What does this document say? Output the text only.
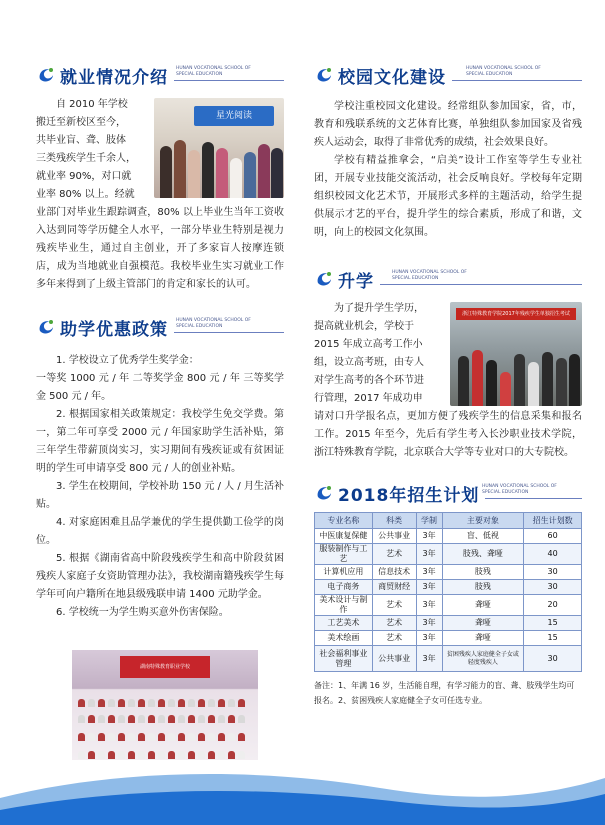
就业情况介绍 HUNAN VOCATIONAL SCHOOL OF
SPECIAL EDUCATION
星光阅读

自 2010 年学校

搬迁至新校区至今，

共毕业盲、聋、肢体

三类残疾学生千余人，

就业率 90%，对口就

业率 80% 以上。经就

业部门对毕业生跟踪调查，80% 以上毕业生当年工资收入达到同等学历健全人水平，一部分毕业生特别是视力残疾毕业生，通过自主创业，开了多家盲人按摩连锁店，成为当地就业自强模范。我校毕业生实习就业工作多年来得到了上级主管部门的肯定和家长的认可。

助学优惠政策 HUNAN VOCATIONAL SCHOOL OF
SPECIAL EDUCATION

1. 学校设立了优秀学生奖学金：

一等奖 1000 元 / 年 二等奖学金 800 元 / 年 三等奖学金 500 元 / 年。

2. 根据国家相关政策规定：我校学生免交学费。第一，第二年可享受 2000 元 / 年国家助学生活补贴，第三年学生带薪顶岗实习，实习期间有残疾证或有贫困证明的学生可申请享受 800 元 / 人的创业补贴。

3. 学生在校期间，学校补助 150 元 / 人 / 月生活补贴。

4. 对家庭困难且品学兼优的学生提供勤工俭学的岗位。

5. 根据《湖南省高中阶段残疾学生和高中阶段贫困残疾人家庭子女资助管理办法》，我校湖南籍残疾学生每学年可向户籍所在地县级残联申请 1400 元助学金。

6. 学校统一为学生购买意外伤害保险。

湖南特殊教育职业学校
校园文化建设	HUNAN VOCATIONAL SCHOOL OF
SPECIAL EDUCATION

学校注重校园文化建设。经常组队参加国家，省，市，教育和残联系统的文艺体育比赛，单独组队参加国家及省残疾人运动会，取得了非常优秀的成绩，社会效果良好。

学校有精益推拿会，“启美”设计工作室等学生专业社团，开展专业技能交流活动，社会反响良好。学校每年定期组织校园文化艺术节，开展形式多样的主题活动，给学生提供展示才艺的平台，提升学生的综合素质，形成了和谐，文明，向上的校园文化氛围。

升学	HUNAN VOCATIONAL SCHOOL OF
SPECIAL EDUCATION
浙江特殊教育学院2017年残疾学生单独招生考试

为了提升学生学历，

提高就业机会，学校于

2015 年成立高考工作小

组，设立高考班，由专人

对学生高考的各个环节进

行管理，2017 年成功申

请对口升学报名点，更加方便了残疾学生的信息采集和报名工作。2015 年至今，先后有学生考入长沙职业技术学院，浙江特殊教育学院，北京联合大学等专业对口的大专院校。

2018年招生计划 HUNAN VOCATIONAL SCHOOL OF
SPECIAL EDUCATION
专业名称	科类	学制	主要对象	招生计划数
中医康复保健	公共事业	3年	盲、低视	60
服装制作与工艺	艺术	3年	肢残、聋哑	40
计算机应用	信息技术	3年	肢残	30
电子商务	商贸财经	3年	肢残	30
美术设计与制作	艺术	3年	聋哑	20
工艺美术	艺术	3年	聋哑	15
美术绘画	艺术	3年	聋哑	15
社会福利事业管理	公共事业	3年	贫困残疾人家庭健全子女或轻度残疾人	30

备注：1、年满 16 岁，生活能自理，有学习能力的盲、聋、肢残学生均可报名。2、贫困残疾人家庭健全子女可任选专业。
